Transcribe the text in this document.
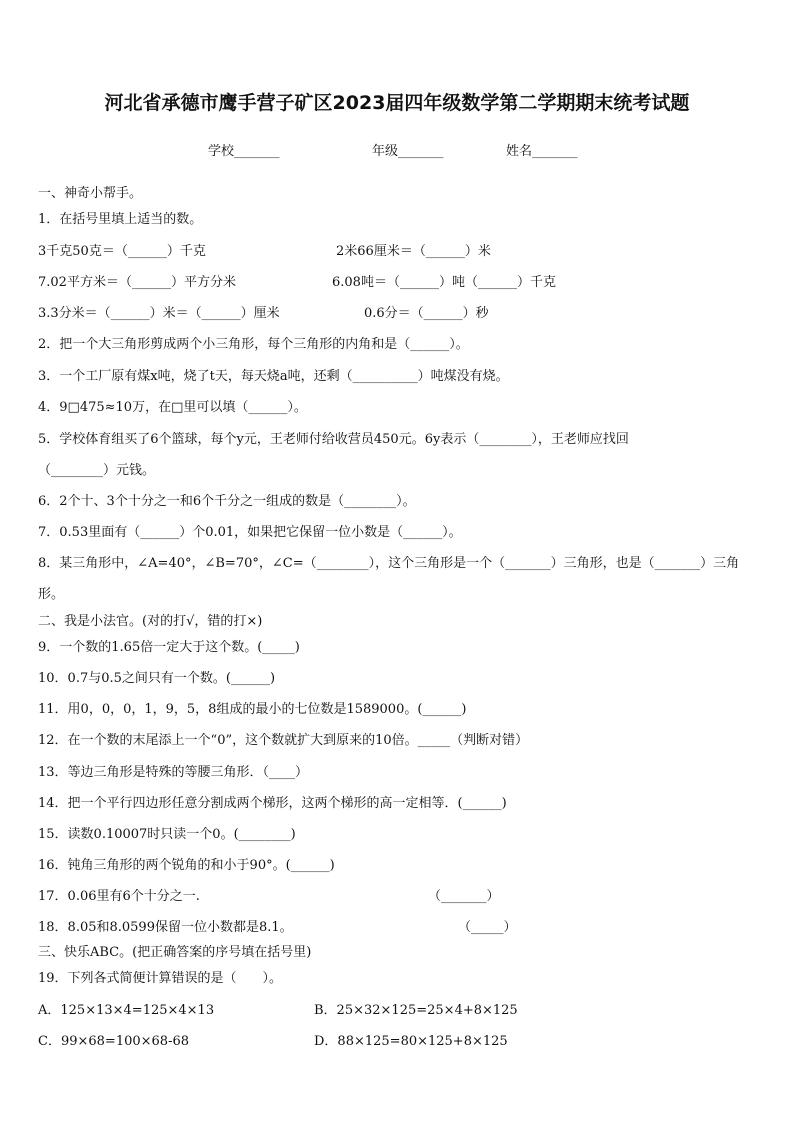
河北省承德市鹰手营子矿区2023届四年级数学第二学期期末统考试题
学校_______	年级_______	姓名_______
一、神奇小帮手。
1．在括号里填上适当的数。
3千克50克＝（______）千克	2米66厘米＝（______）米
7.02平方米＝（______）平方分米	6.08吨＝（______）吨（______）千克
3.3分米＝（______）米＝（______）厘米	0.6分＝（______）秒
2．把一个大三角形剪成两个小三角形，每个三角形的内角和是（______）。
3．一个工厂原有煤x吨，烧了t天，每天烧a吨，还剩（__________）吨煤没有烧。
4．9□475≈10万，在□里可以填（______）。
5．学校体育组买了6个篮球，每个y元，王老师付给收营员450元。6y表示（________），王老师应找回
（________）元钱。
6．2个十、3个十分之一和6个千分之一组成的数是（________）。
7．0.53里面有（______）个0.01，如果把它保留一位小数是（______）。
8．某三角形中，∠A=40°，∠B=70°，∠C=（________），这个三角形是一个（_______）三角形，也是（_______）三角
形。
二、我是小法官。(对的打√，错的打×)
9．一个数的1.65倍一定大于这个数。(_____)
10．0.7与0.5之间只有一个数。(______)
11．用0，0，0，1，9，5，8组成的最小的七位数是1589000。(______)
12．在一个数的末尾添上一个“0”，这个数就扩大到原来的10倍。_____（判断对错）
13．等边三角形是特殊的等腰三角形．（____）
14．把一个平行四边形任意分割成两个梯形，这两个梯形的高一定相等．(______)
15．读数0.10007时只读一个0。(________)
16．钝角三角形的两个锐角的和小于90°。(______)
17．0.06里有6个十分之一.	（_______）
18．8.05和8.0599保留一位小数都是8.1。	（_____）
三、快乐ABC。(把正确答案的序号填在括号里)
19．下列各式简便计算错误的是（　　）。
A．125×13×4=125×4×13	B．25×32×125=25×4+8×125
C．99×68=100×68-68	D．88×125=80×125+8×125
